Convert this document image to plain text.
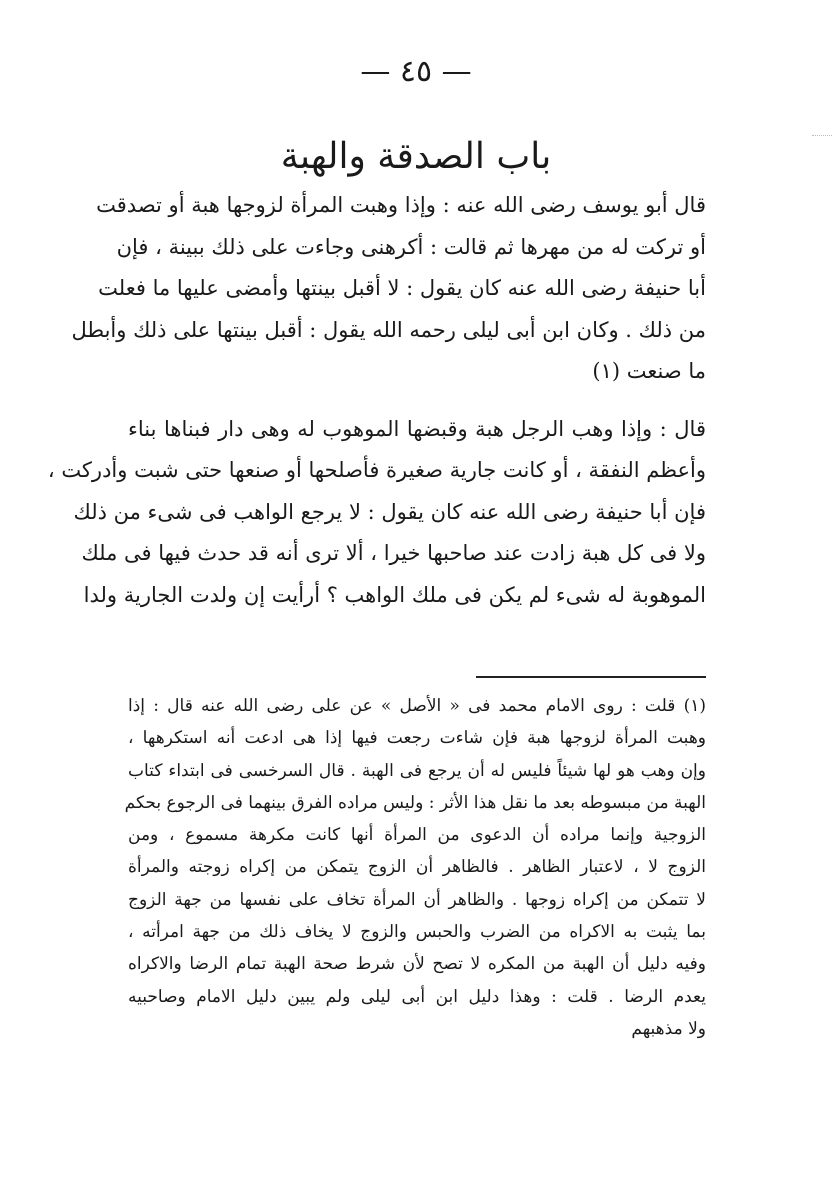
— ٤٥ —
باب الصدقة والهبة
قال أبو يوسف رضى الله عنه : وإذا وهبت المرأة لزوجها هبة أو تصدقت
أو تركت له من مهرها ثم قالت : أكرهنى وجاءت على ذلك ببينة ، فإن
أبا حنيفة رضى الله عنه كان يقول : لا أقبل بينتها وأمضى عليها ما فعلت
من ذلك . وكان ابن أبى ليلى رحمه الله يقول : أقبل بينتها على ذلك وأبطل
ما صنعت (١)
قال : وإذا وهب الرجل هبة وقبضها الموهوب له وهى دار فبناها بناء
وأعظم النفقة ، أو كانت جارية صغيرة فأصلحها أو صنعها حتى شبت وأدركت ،
فإن أبا حنيفة رضى الله عنه كان يقول : لا يرجع الواهب فى شىء من ذلك
ولا فى كل هبة زادت عند صاحبها خيرا ، ألا ترى أنه قد حدث فيها فى ملك
الموهوبة له شىء لم يكن فى ملك الواهب ؟ أرأيت إن ولدت الجارية ولدا
(١) قلت : روى الامام محمد فى « الأصل » عن على رضى الله عنه قال : إذا
وهبت المرأة لزوجها هبة فإن شاءت رجعت فيها إذا هى ادعت أنه استكرهها ،
وإن وهب هو لها شيئاً فليس له أن يرجع فى الهبة . قال السرخسى فى ابتداء كتاب
الهبة من مبسوطه بعد ما نقل هذا الأثر : وليس مراده الفرق بينهما فى الرجوع بحكم
الزوجية وإنما مراده أن الدعوى من المرأة أنها كانت مكرهة مسموع ، ومن
الزوج لا ، لاعتبار الظاهر . فالظاهر أن الزوج يتمكن من إكراه زوجته والمرأة
لا تتمكن من إكراه زوجها . والظاهر أن المرأة تخاف على نفسها من جهة الزوج
بما يثبت به الاكراه من الضرب والحبس والزوج لا يخاف ذلك من جهة امرأته ،
وفيه دليل أن الهبة من المكره لا تصح لأن شرط صحة الهبة تمام الرضا والاكراه
يعدم الرضا . قلت : وهذا دليل ابن أبى ليلى ولم يبين دليل الامام وصاحبيه
ولا مذهبهم
